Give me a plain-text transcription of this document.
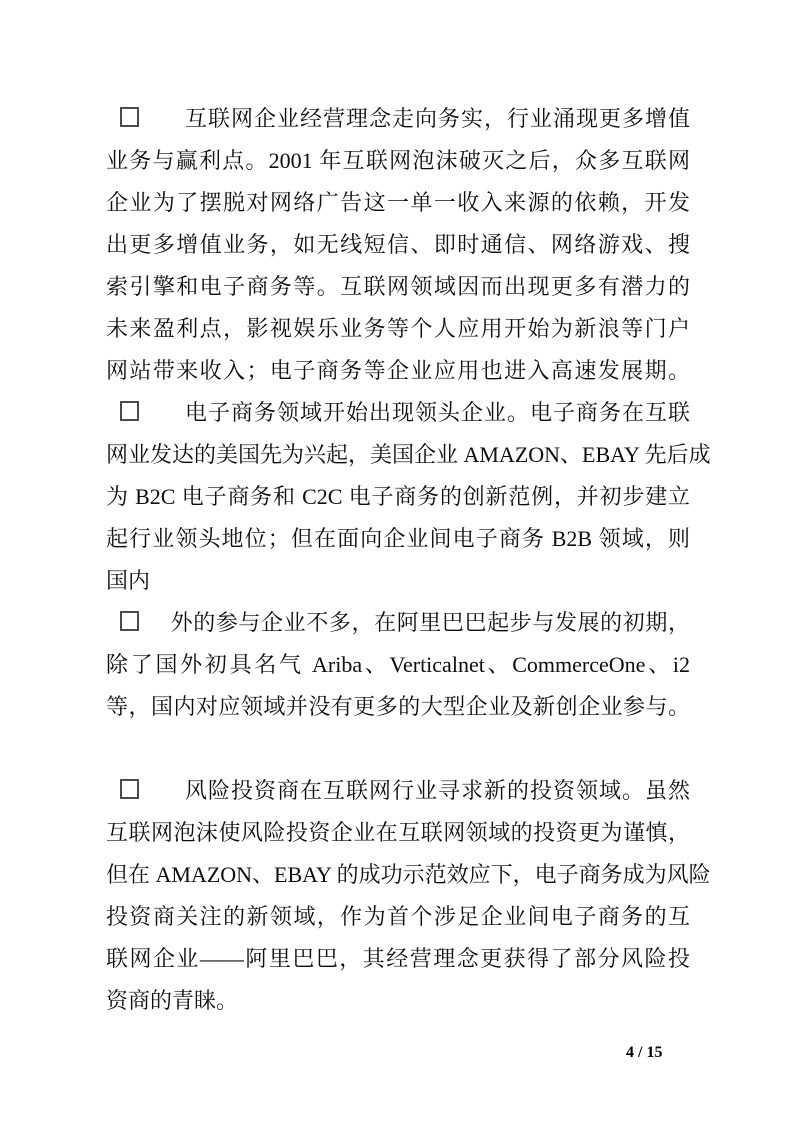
互联网企业经营理念走向务实，行业涌现更多增值
业务与赢利点。2001 年互联网泡沫破灭之后，众多互联网
企业为了摆脱对网络广告这一单一收入来源的依赖，开发
出更多增值业务，如无线短信、即时通信、网络游戏、搜
索引擎和电子商务等。互联网领域因而出现更多有潜力的
未来盈利点，影视娱乐业务等个人应用开始为新浪等门户
网站带来收入；电子商务等企业应用也进入高速发展期。
电子商务领域开始出现领头企业。电子商务在互联
网业发达的美国先为兴起，美国企业 AMAZON、EBAY 先后成
为 B2C 电子商务和 C2C 电子商务的创新范例，并初步建立
起行业领头地位；但在面向企业间电子商务 B2B 领域，则
国内
外的参与企业不多，在阿里巴巴起步与发展的初期，
除了国外初具名气 Ariba、Verticalnet、CommerceOne、i2
等，国内对应领域并没有更多的大型企业及新创企业参与。
风险投资商在互联网行业寻求新的投资领域。虽然
互联网泡沫使风险投资企业在互联网领域的投资更为谨慎，
但在 AMAZON、EBAY 的成功示范效应下，电子商务成为风险
投资商关注的新领域，作为首个涉足企业间电子商务的互
联网企业——阿里巴巴，其经营理念更获得了部分风险投
资商的青睐。
4 / 15
